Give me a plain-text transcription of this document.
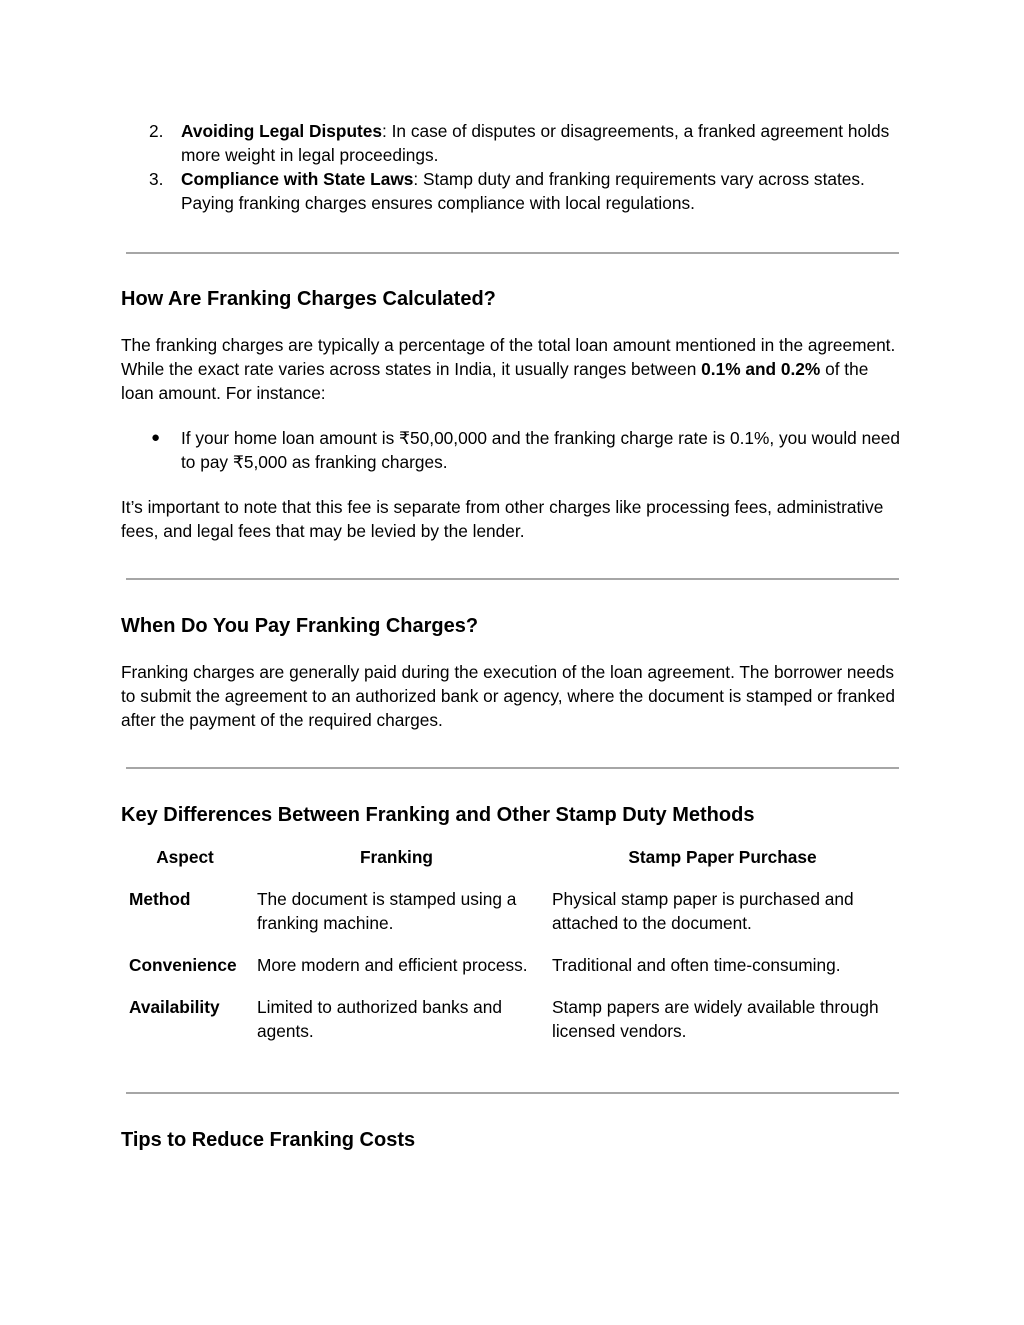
2. Avoiding Legal Disputes: In case of disputes or disagreements, a franked agreement holds more weight in legal proceedings.
3. Compliance with State Laws: Stamp duty and franking requirements vary across states. Paying franking charges ensures compliance with local regulations.
How Are Franking Charges Calculated?

The franking charges are typically a percentage of the total loan amount mentioned in the agreement. While the exact rate varies across states in India, it usually ranges between 0.1% and 0.2% of the loan amount. For instance:

● If your home loan amount is ₹50,00,000 and the franking charge rate is 0.1%, you would need to pay ₹5,000 as franking charges.

It’s important to note that this fee is separate from other charges like processing fees, administrative fees, and legal fees that may be levied by the lender.

When Do You Pay Franking Charges?

Franking charges are generally paid during the execution of the loan agreement. The borrower needs to submit the agreement to an authorized bank or agency, where the document is stamped or franked after the payment of the required charges.

Key Differences Between Franking and Other Stamp Duty Methods
Aspect	Franking	Stamp Paper Purchase
Method	The document is stamped using a franking machine.	Physical stamp paper is purchased and attached to the document.
Convenience	More modern and efficient process.	Traditional and often time-consuming.
Availability	Limited to authorized banks and agents.	Stamp papers are widely available through licensed vendors.
Tips to Reduce Franking Costs
